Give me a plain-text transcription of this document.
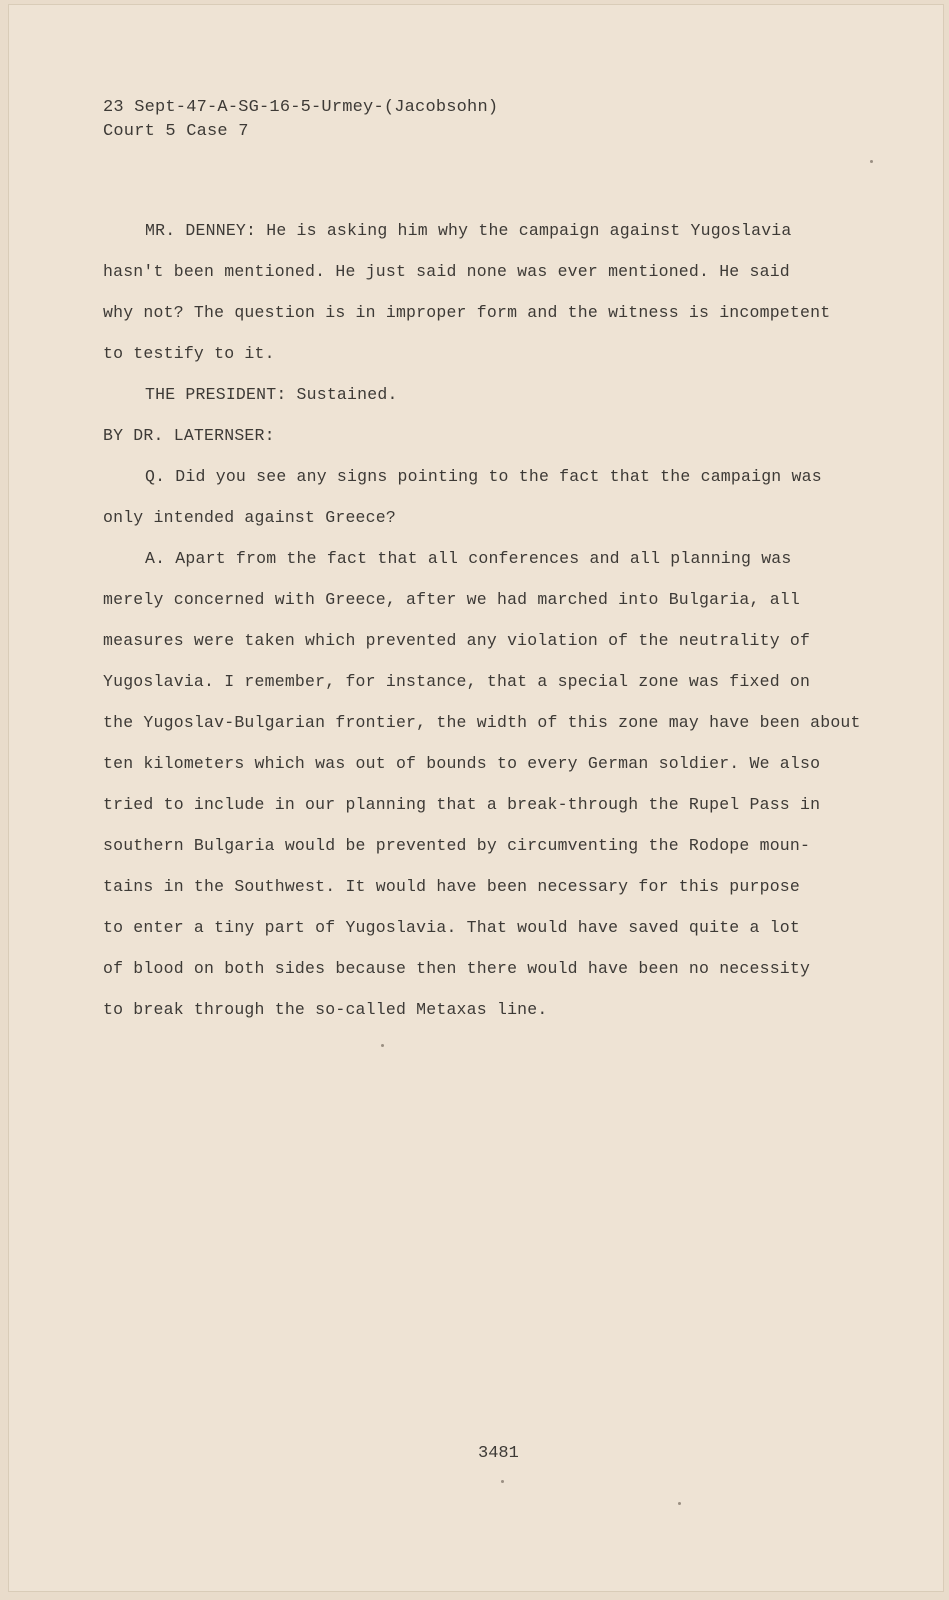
23 Sept-47-A-SG-16-5-Urmey-(Jacobsohn)
Court 5 Case 7
MR. DENNEY: He is asking him why the campaign against Yugoslavia
hasn't been mentioned. He just said none was ever mentioned. He said
why not? The question is in improper form and the witness is incompetent
to testify to it.
THE PRESIDENT: Sustained.
BY DR. LATERNSER:
Q. Did you see any signs pointing to the fact that the campaign was
only intended against Greece?
A. Apart from the fact that all conferences and all planning was
merely concerned with Greece, after we had marched into Bulgaria, all
measures were taken which prevented any violation of the neutrality of
Yugoslavia. I remember, for instance, that a special zone was fixed on
the Yugoslav-Bulgarian frontier, the width of this zone may have been about
ten kilometers which was out of bounds to every German soldier. We also
tried to include in our planning that a break-through the Rupel Pass in
southern Bulgaria would be prevented by circumventing the Rodope moun-
tains in the Southwest. It would have been necessary for this purpose
to enter a tiny part of Yugoslavia. That would have saved quite a lot
of blood on both sides because then there would have been no necessity
to break through the so-called Metaxas line.
3481
